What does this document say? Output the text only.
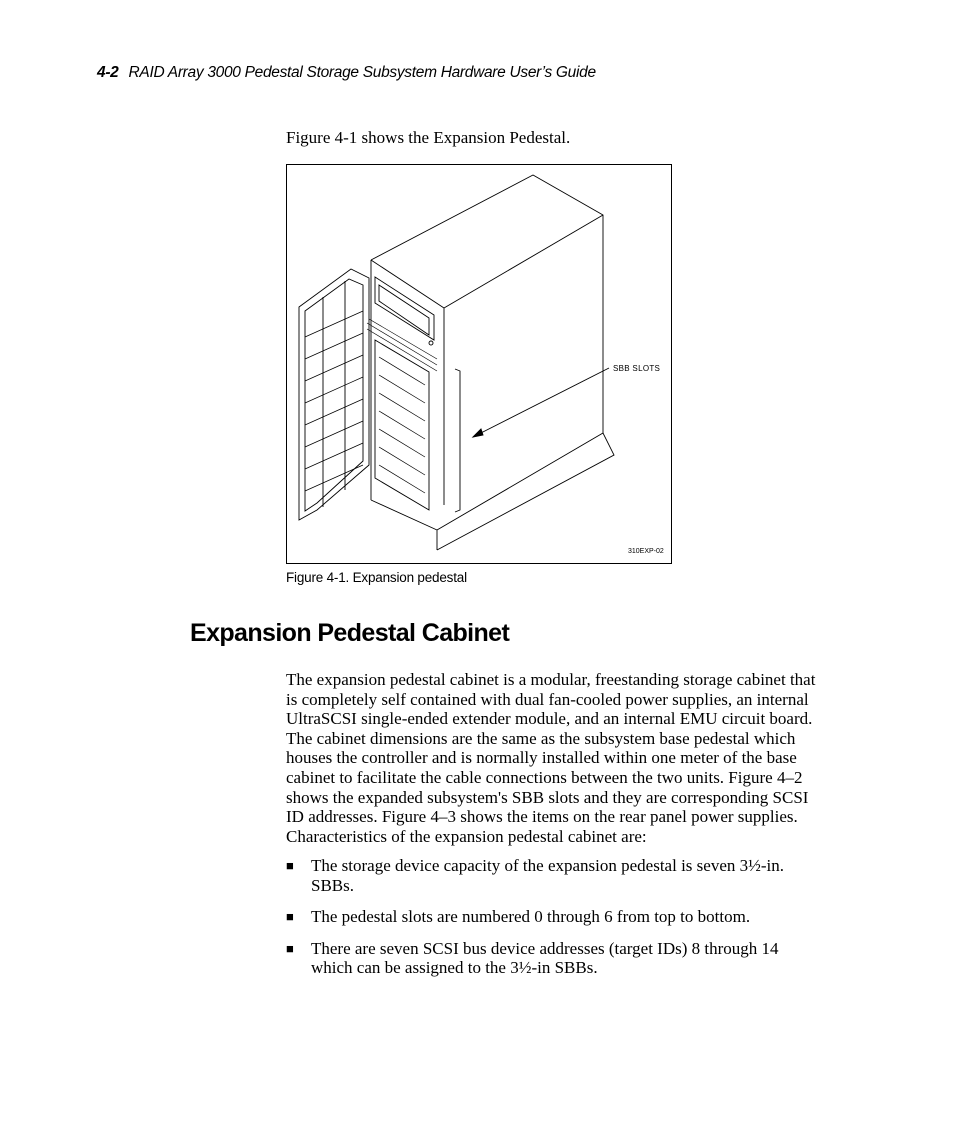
4-2 RAID Array 3000 Pedestal Storage Subsystem Hardware User’s Guide
Figure 4-1 shows the Expansion Pedestal.
SBB SLOTS
310EXP-02
Figure 4-1. Expansion pedestal
Expansion Pedestal Cabinet
The expansion pedestal cabinet is a modular, freestanding storage cabinet that
is completely self contained with dual fan-cooled power supplies, an internal
UltraSCSI single-ended extender module, and an internal EMU circuit board.
The cabinet dimensions are the same as the subsystem base pedestal which
houses the controller and is normally installed within one meter of the base
cabinet to facilitate the cable connections between the two units. Figure 4–2
shows the expanded subsystem's SBB slots and they are corresponding SCSI
ID addresses. Figure 4–3 shows the items on the rear panel power supplies.
Characteristics of the expansion pedestal cabinet are:
■ The storage device capacity of the expansion pedestal is seven 3½-in.
SBBs.
■ The pedestal slots are numbered 0 through 6 from top to bottom.
■ There are seven SCSI bus device addresses (target IDs) 8 through 14
which can be assigned to the 3½-in SBBs.
